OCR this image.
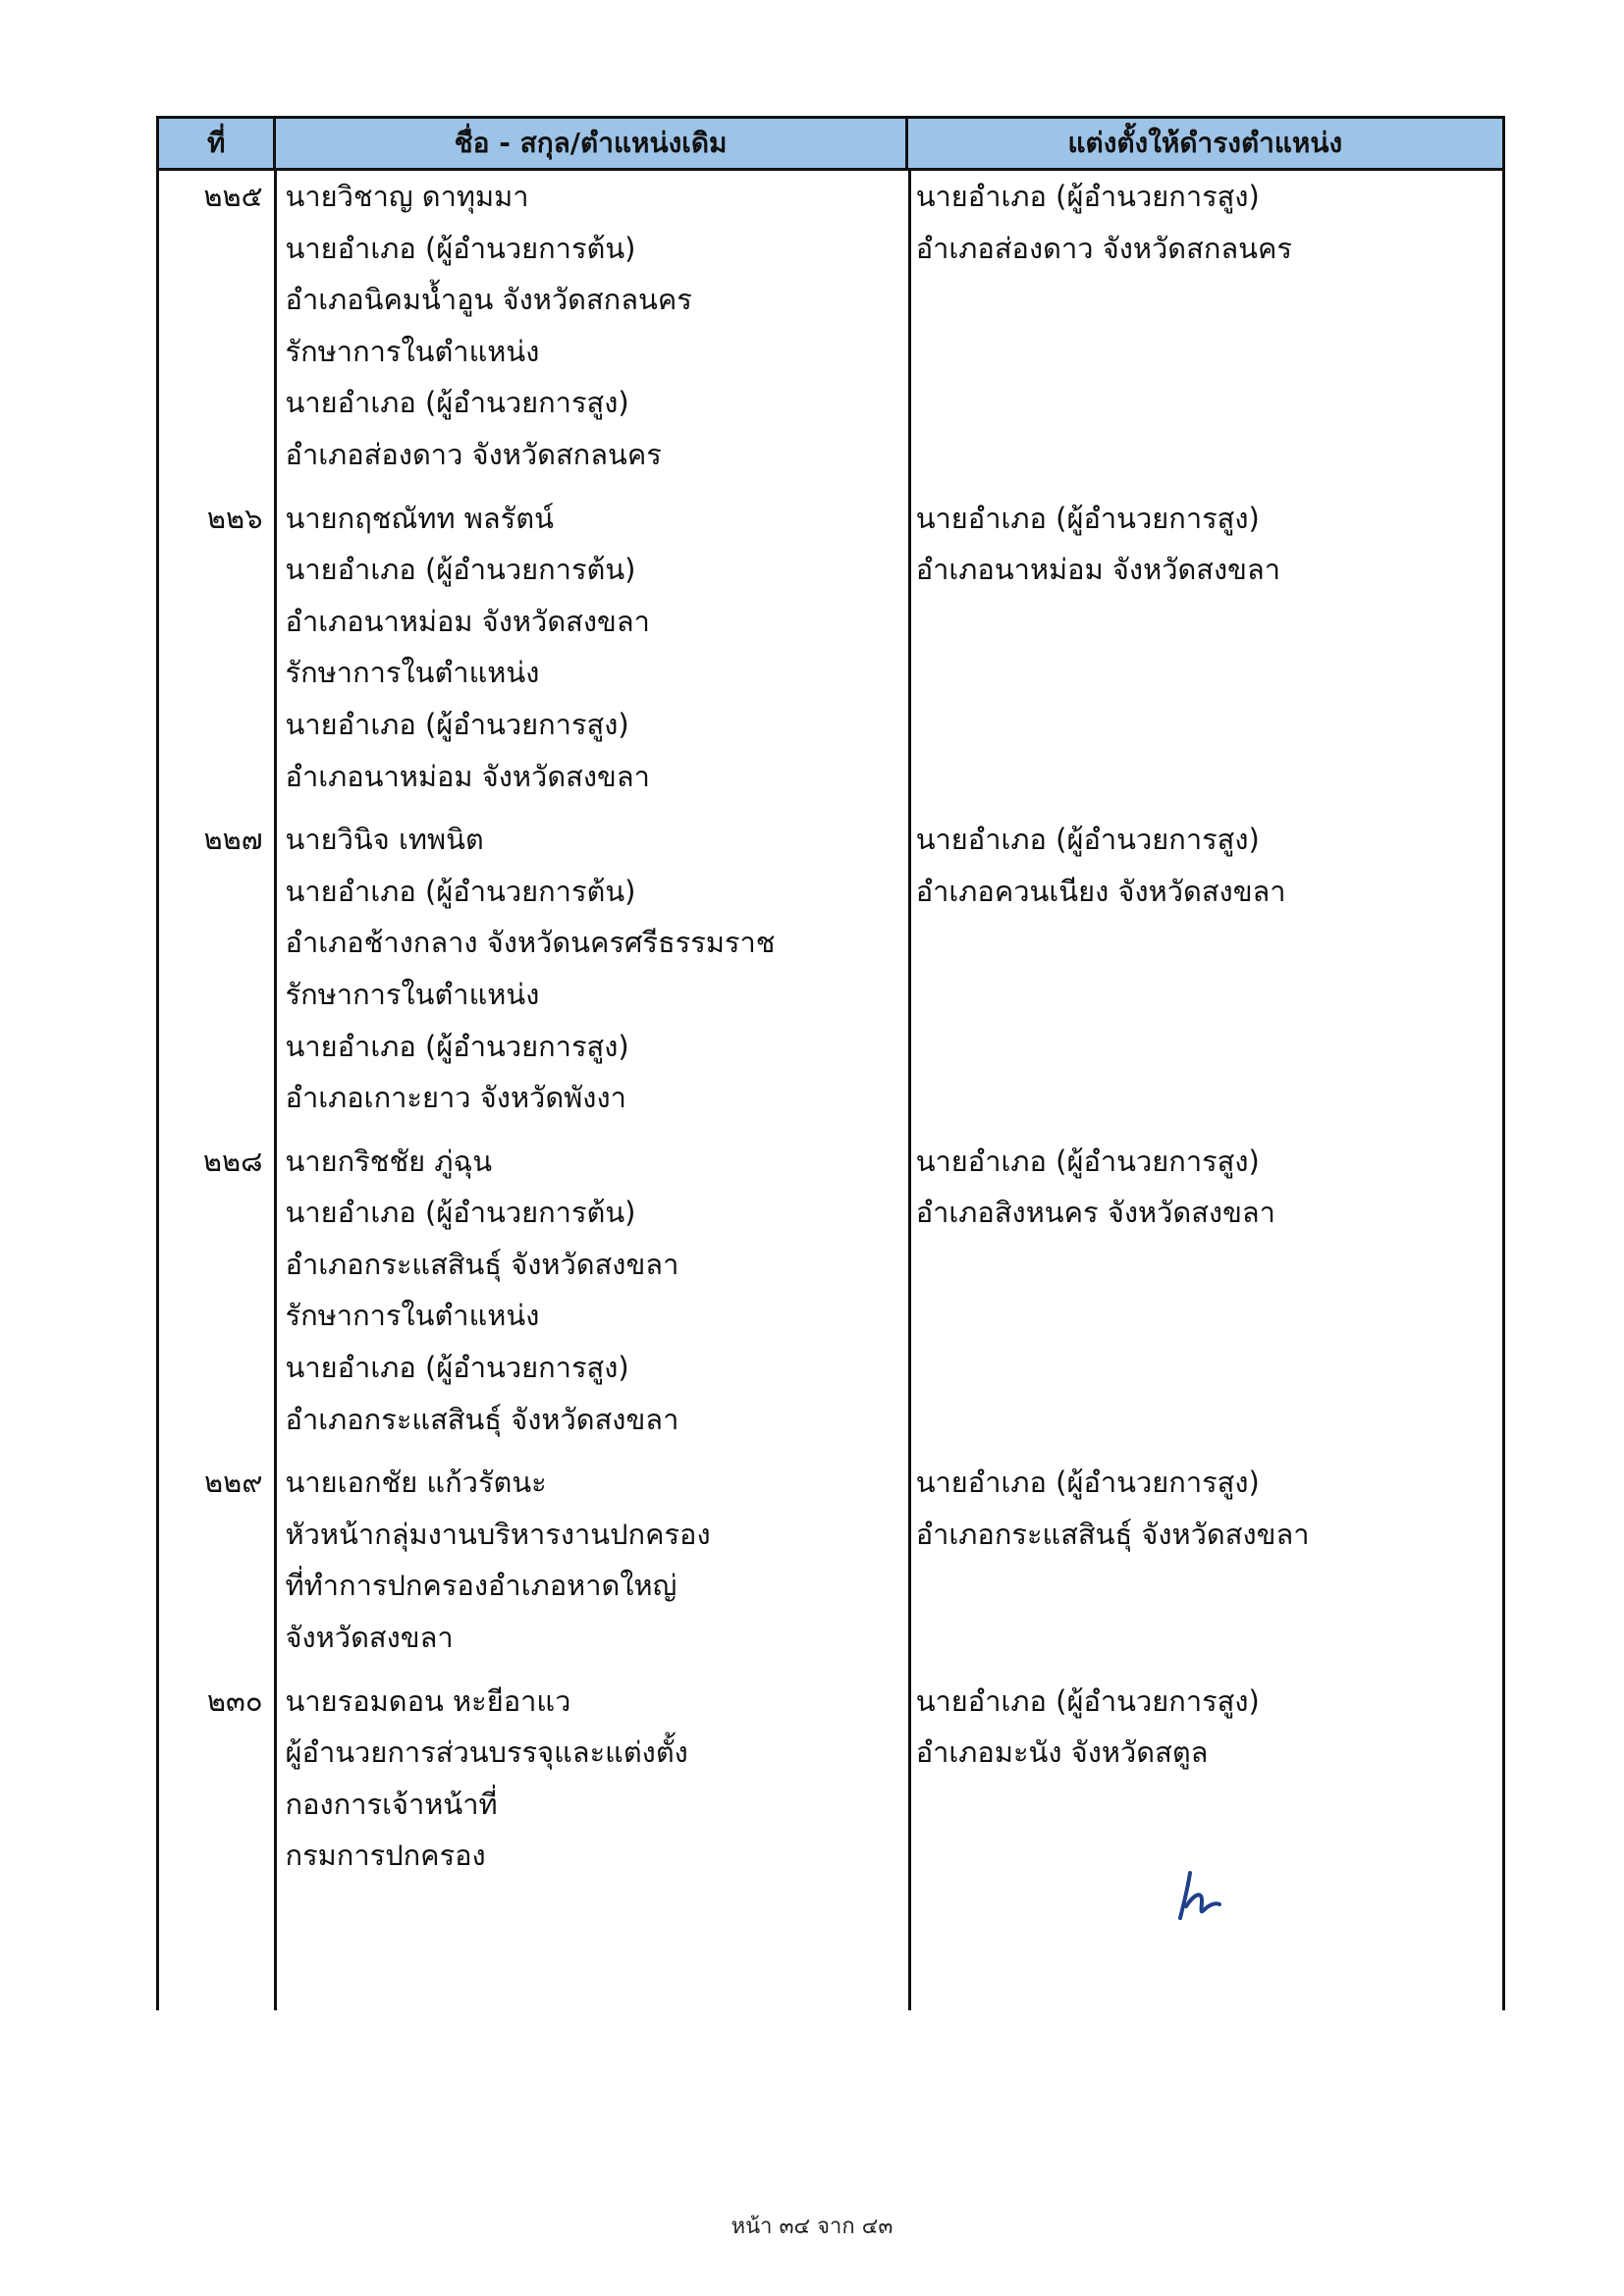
ที่	ชื่อ - สกุล/ตำแหน่งเดิม	แต่งตั้งให้ดำรงตำแหน่ง
๒๒๕ นายวิชาญ ดาทุมมา
นายอำเภอ (ผู้อำนวยการต้น)
อำเภอนิคมน้ำอูน จังหวัดสกลนคร
รักษาการในตำแหน่ง
นายอำเภอ (ผู้อำนวยการสูง)
อำเภอส่องดาว จังหวัดสกลนคร
นายอำเภอ (ผู้อำนวยการสูง)
อำเภอส่องดาว จังหวัดสกลนคร
๒๒๖ นายกฤชณัทท พลรัตน์
นายอำเภอ (ผู้อำนวยการต้น)
อำเภอนาหม่อม จังหวัดสงขลา
รักษาการในตำแหน่ง
นายอำเภอ (ผู้อำนวยการสูง)
อำเภอนาหม่อม จังหวัดสงขลา
นายอำเภอ (ผู้อำนวยการสูง)
อำเภอนาหม่อม จังหวัดสงขลา
๒๒๗ นายวินิจ เทพนิต
นายอำเภอ (ผู้อำนวยการต้น)
อำเภอช้างกลาง จังหวัดนครศรีธรรมราช
รักษาการในตำแหน่ง
นายอำเภอ (ผู้อำนวยการสูง)
อำเภอเกาะยาว จังหวัดพังงา
นายอำเภอ (ผู้อำนวยการสูง)
อำเภอควนเนียง จังหวัดสงขลา
๒๒๘ นายกริชชัย ภู่ฉุน
นายอำเภอ (ผู้อำนวยการต้น)
อำเภอกระแสสินธุ์ จังหวัดสงขลา
รักษาการในตำแหน่ง
นายอำเภอ (ผู้อำนวยการสูง)
อำเภอกระแสสินธุ์ จังหวัดสงขลา
นายอำเภอ (ผู้อำนวยการสูง)
อำเภอสิงหนคร จังหวัดสงขลา
๒๒๙ นายเอกชัย แก้วรัตนะ
หัวหน้ากลุ่มงานบริหารงานปกครอง
ที่ทำการปกครองอำเภอหาดใหญ่
จังหวัดสงขลา
นายอำเภอ (ผู้อำนวยการสูง)
อำเภอกระแสสินธุ์ จังหวัดสงขลา
๒๓๐ นายรอมดอน หะยีอาแว
ผู้อำนวยการส่วนบรรจุและแต่งตั้ง
กองการเจ้าหน้าที่
กรมการปกครอง
นายอำเภอ (ผู้อำนวยการสูง)
อำเภอมะนัง จังหวัดสตูล
หน้า ๓๔ จาก ๔๓
